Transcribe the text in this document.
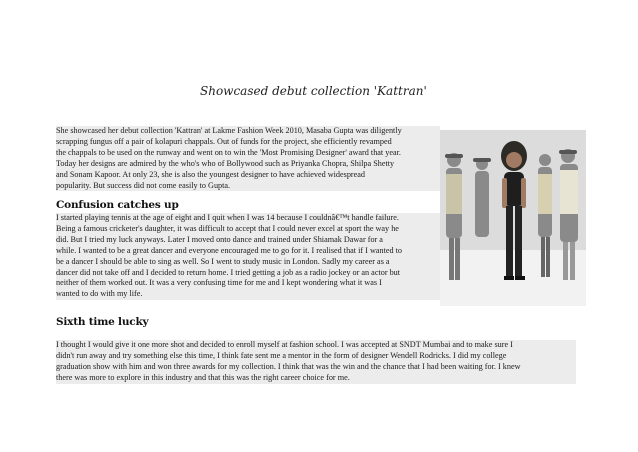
Showcased debut collection 'Kattran'
She showcased her debut collection 'Kattran' at Lakme Fashion Week 2010, Masaba Gupta was diligently
scrapping fungus off a pair of kolapuri chappals. Out of funds for the project, she efficiently revamped
the chappals to be used on the runway and went on to win the 'Most Promising Designer' award that year.
Today her designs are admired by the who's who of Bollywood such as Priyanka Chopra, Shilpa Shetty
and Sonam Kapoor. At only 23, she is also the youngest designer to have achieved widespread
popularity. But success did not come easily to Gupta.
Confusion catches up
I started playing tennis at the age of eight and I quit when I was 14 because I couldnâ€™t handle failure.
Being a famous cricketer's daughter, it was difficult to accept that I could never excel at sport the way he
did. But I tried my luck anyways. Later I moved onto dance and trained under Shiamak Dawar for a
while. I wanted to be a great dancer and everyone encouraged me to go for it. I realised that if I wanted to
be a dancer I should be able to sing as well. So I went to study music in London. Sadly my career as a
dancer did not take off and I decided to return home. I tried getting a job as a radio jockey or an actor but
neither of them worked out. It was a very confusing time for me and I kept wondering what it was I
wanted to do with my life.
Sixth time lucky
I thought I would give it one more shot and decided to enroll myself at fashion school. I was accepted at SNDT Mumbai and to make sure I
didn't run away and try something else this time, I think fate sent me a mentor in the form of designer Wendell Rodricks. I did my college
graduation show with him and won three awards for my collection. I think that was the win and the chance that I had been waiting for. I knew
there was more to explore in this industry and that this was the right career choice for me.
